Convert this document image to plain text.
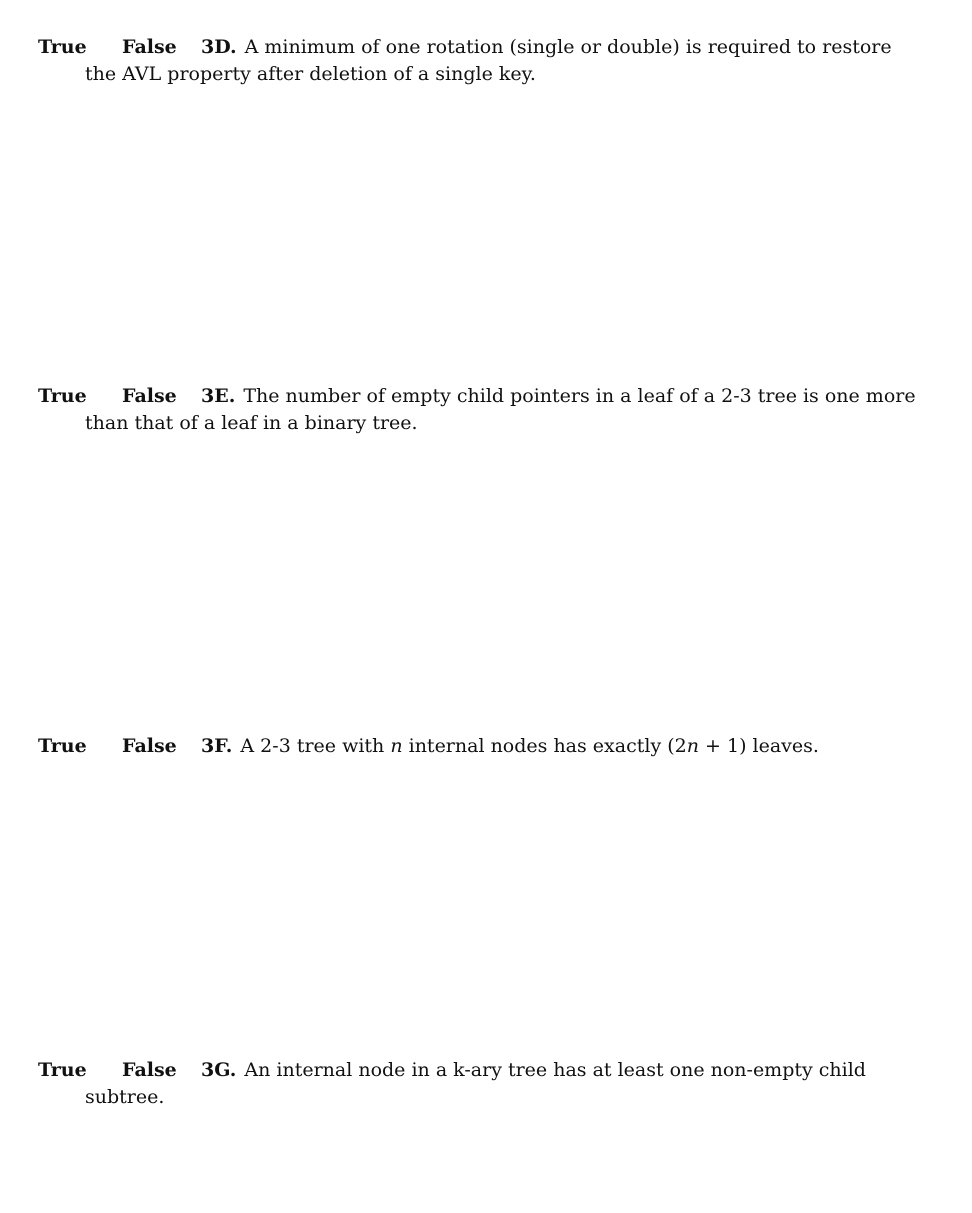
True False 3D. A minimum of one rotation (single or double) is required to restore
the AVL property after deletion of a single key.
True False 3E. The number of empty child pointers in a leaf of a 2-3 tree is one more
than that of a leaf in a binary tree.
True False 3F. A 2-3 tree with n internal nodes has exactly (2n + 1) leaves.
True False 3G. An internal node in a k-ary tree has at least one non-empty child
subtree.
